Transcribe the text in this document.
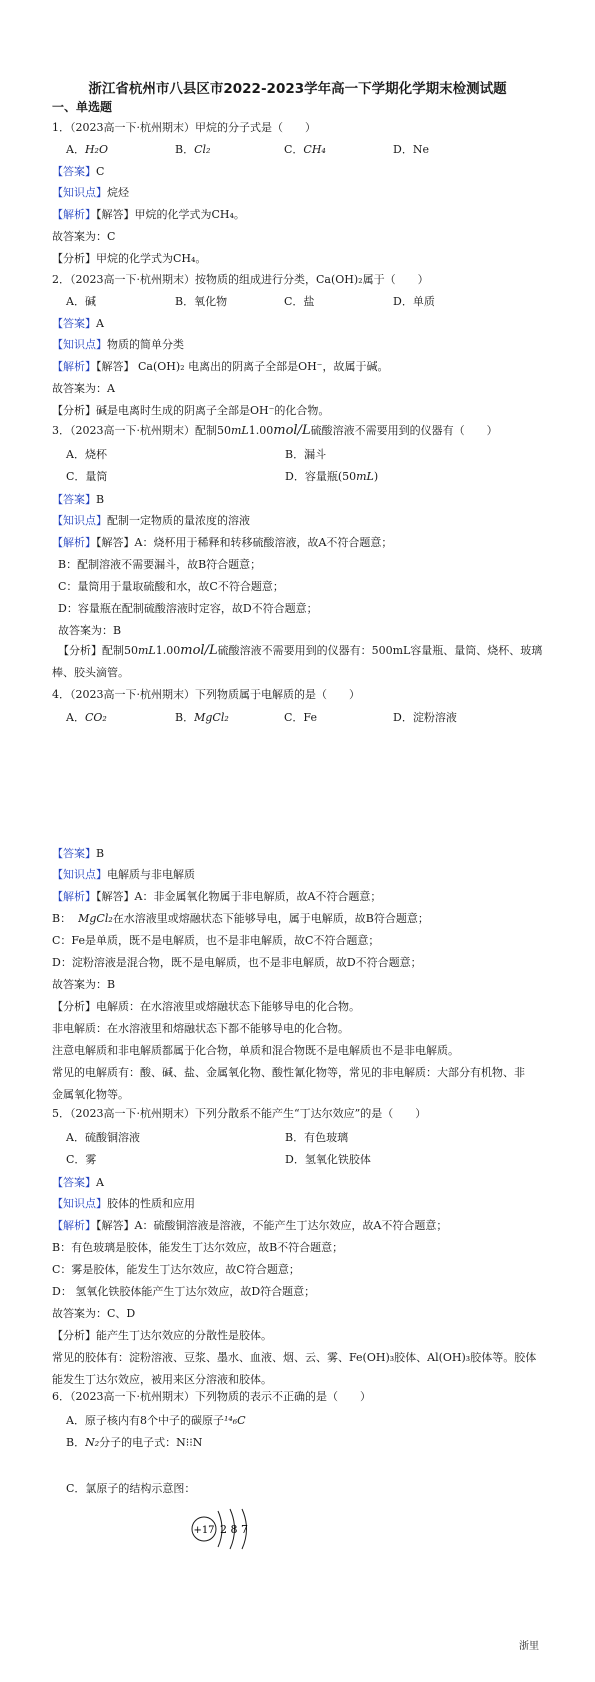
浙江省杭州市八县区市2022-2023学年高一下学期化学期末检测试题
一、单选题
1．（2023高一下·杭州期末）甲烷的分子式是（　　）
A．H₂O	B．Cl₂	C．CH₄	D．Ne
【答案】C
【知识点】烷烃
【解析】【解答】甲烷的化学式为CH₄。
故答案为：C
【分析】甲烷的化学式为CH₄。
2．（2023高一下·杭州期末）按物质的组成进行分类，Ca(OH)₂属于（　　）
A．碱	B．氧化物	C．盐	D．单质
【答案】A
【知识点】物质的简单分类
【解析】【解答】 Ca(OH)₂ 电离出的阴离子全部是OH⁻，故属于碱。
故答案为：A
【分析】碱是电离时生成的阴离子全部是OH⁻的化合物。
3．（2023高一下·杭州期末）配制50mL1.00mol/L硫酸溶液不需要用到的仪器有（　　）
A．烧杯	B．漏斗
C．量筒	D．容量瓶(50mL)
【答案】B
【知识点】配制一定物质的量浓度的溶液
【解析】【解答】A：烧杯用于稀释和转移硫酸溶液，故A不符合题意；
B：配制溶液不需要漏斗，故B符合题意；
C：量筒用于量取硫酸和水，故C不符合题意；
D：容量瓶在配制硫酸溶液时定容，故D不符合题意；
故答案为：B
【分析】配制50mL1.00mol/L硫酸溶液不需要用到的仪器有：500mL容量瓶、量筒、烧杯、玻璃
棒、胶头滴管。
4．（2023高一下·杭州期末）下列物质属于电解质的是（　　）
A．CO₂	B．MgCl₂	C．Fe	D．淀粉溶液
【答案】B
【知识点】电解质与非电解质
【解析】【解答】A：非金属氧化物属于非电解质，故A不符合题意；
B： MgCl₂在水溶液里或熔融状态下能够导电，属于电解质，故B符合题意；
C：Fe是单质，既不是电解质，也不是非电解质，故C不符合题意；
D：淀粉溶液是混合物，既不是电解质，也不是非电解质，故D不符合题意；
故答案为：B
【分析】电解质：在水溶液里或熔融状态下能够导电的化合物。
非电解质：在水溶液里和熔融状态下都不能够导电的化合物。
注意电解质和非电解质都属于化合物，单质和混合物既不是电解质也不是非电解质。
常见的电解质有：酸、碱、盐、金属氧化物、酸性氰化物等，常见的非电解质：大部分有机物、非
金属氧化物等。
5．（2023高一下·杭州期末）下列分散系不能产生“丁达尔效应”的是（　　）
A．硫酸铜溶液	B．有色玻璃
C．雾	D．氢氧化铁胶体
【答案】A
【知识点】胶体的性质和应用
【解析】【解答】A：硫酸铜溶液是溶液，不能产生丁达尔效应，故A不符合题意；
B：有色玻璃是胶体，能发生丁达尔效应，故B不符合题意；
C：雾是胶体，能发生丁达尔效应，故C符合题意；
D： 氢氧化铁胶体能产生丁达尔效应，故D符合题意；
故答案为：C、D
【分析】能产生丁达尔效应的分散性是胶体。
常见的胶体有：淀粉溶液、豆浆、墨水、血液、烟、云、雾、Fe(OH)₃胶体、Al(OH)₃胶体等。胶体
能发生丁达尔效应，被用来区分溶液和胶体。
6．（2023高一下·杭州期末）下列物质的表示不正确的是（　　）
A．原子核内有8个中子的碳原子¹⁴₆C
B．N₂分子的电子式：N⁝⁝N
C．氯原子的结构示意图：
+17 2 8 7
浙里
